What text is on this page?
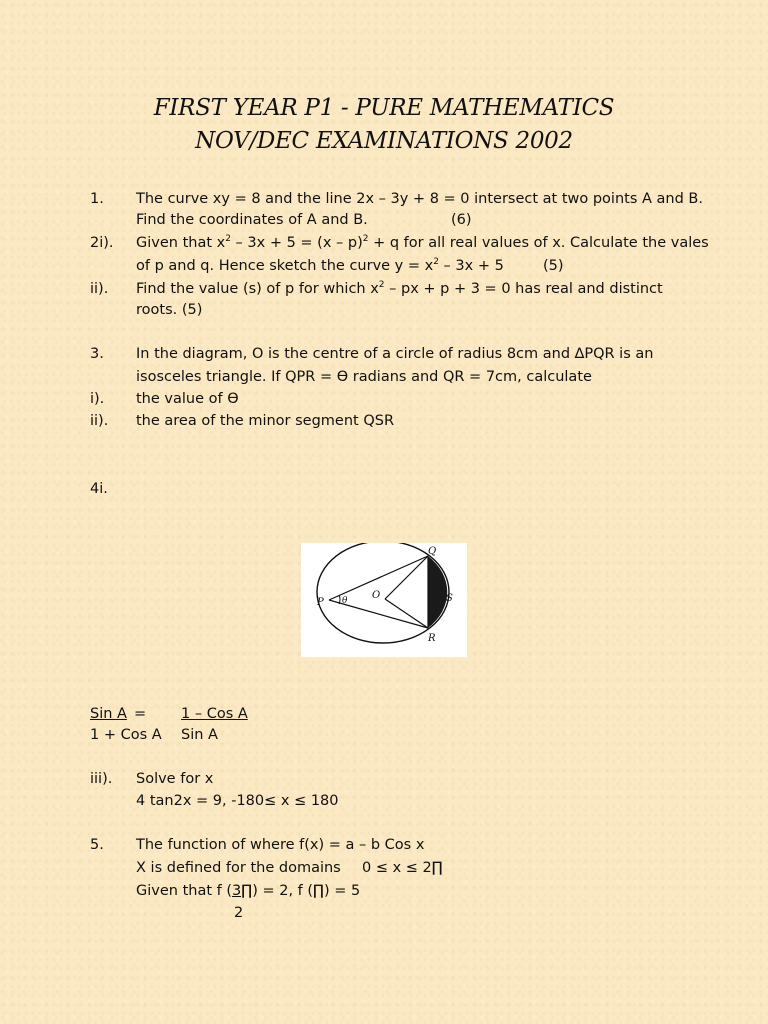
FIRST YEAR P1 - PURE MATHEMATICS
NOV/DEC EXAMINATIONS 2002
1. The curve xy = 8 and the line 2x – 3y + 8 = 0 intersect at two points A and B.
Find the coordinates of A and B.	(6)
2i). Given that $x^2 - 3x + 5 = (x - p)^2 + q$ for all real values of x. Calculate the vales
of p and q. Hence sketch the curve $y = x^2 - 3x + 5$	(5)
ii). Find the value (s) of p for which $x^2$ – px + p + 3 = 0 has real and distinct
roots. (5)
3. In the diagram, O is the centre of a circle of radius 8cm and ∆PQR is an
isosceles triangle. If QPR = ϴ radians and QR = 7cm, calculate
i). the value of ϴ
ii). the area of the minor segment QSR
4i.
P θ O
Q
S
R
Sin A = 1 – Cos A
1 + Cos A Sin A
iii). Solve for x
4 tan2x = 9, -180≤ x ≤ 180
5. The function of where f(x) = a – b Cos x
X is defined for the domains 0 ≤ x ≤ 2∏
Given that f (3∏) = 2, f (∏) = 5
2
